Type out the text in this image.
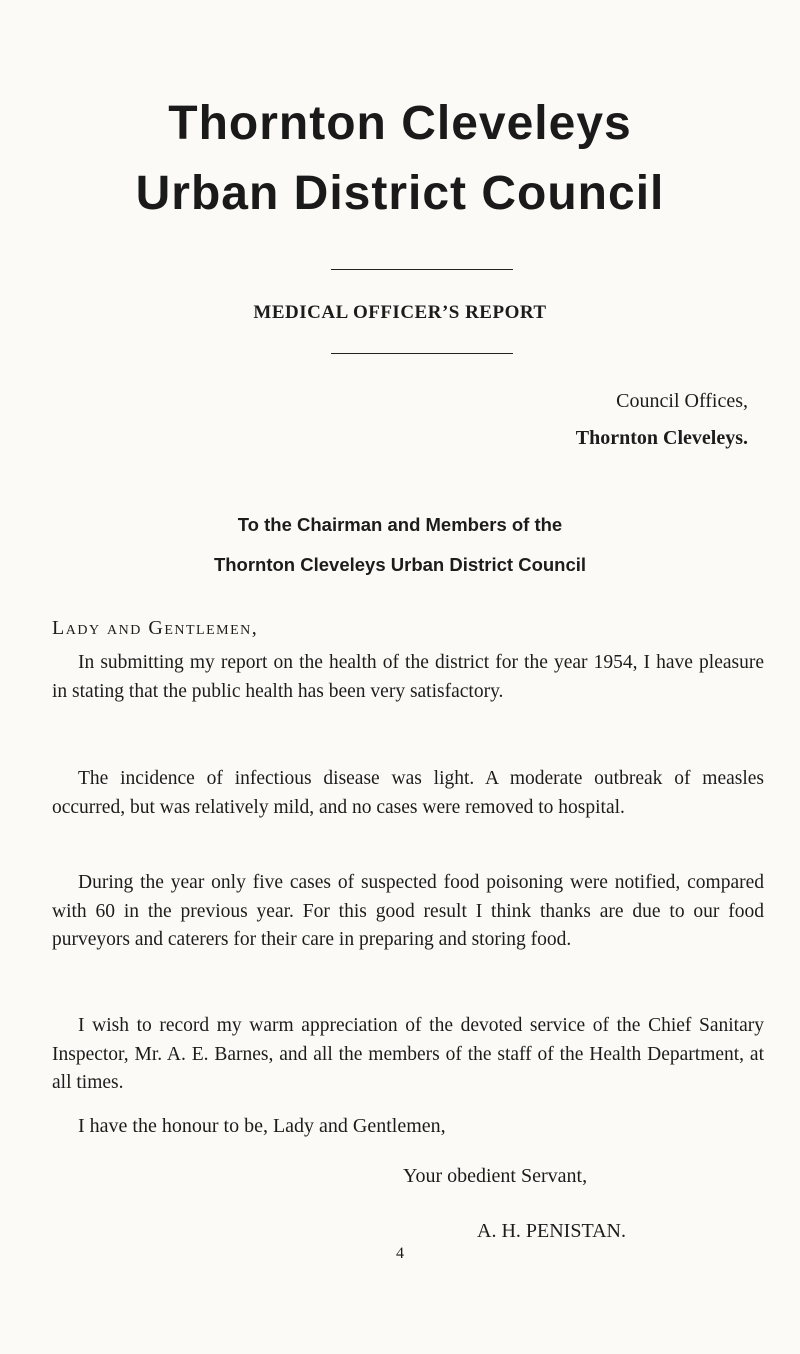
Thornton Cleveleys
Urban District Council
MEDICAL OFFICER’S REPORT
Council Offices,
Thornton Cleveleys.
To the Chairman and Members of the
Thornton Cleveleys Urban District Council
Lady and Gentlemen,

In submitting my report on the health of the district for the year 1954, I have pleasure in stating that the public health has been very satisfactory.

The incidence of infectious disease was light. A moderate outbreak of measles occurred, but was relatively mild, and no cases were removed to hospital.

During the year only five cases of suspected food poisoning were notified, compared with 60 in the previous year. For this good result I think thanks are due to our food purveyors and caterers for their care in preparing and storing food.

I wish to record my warm appreciation of the devoted service of the Chief Sanitary Inspector, Mr. A. E. Barnes, and all the members of the staff of the Health Department, at all times.

I have the honour to be, Lady and Gentlemen,
Your obedient Servant,
A. H. PENISTAN.
4
